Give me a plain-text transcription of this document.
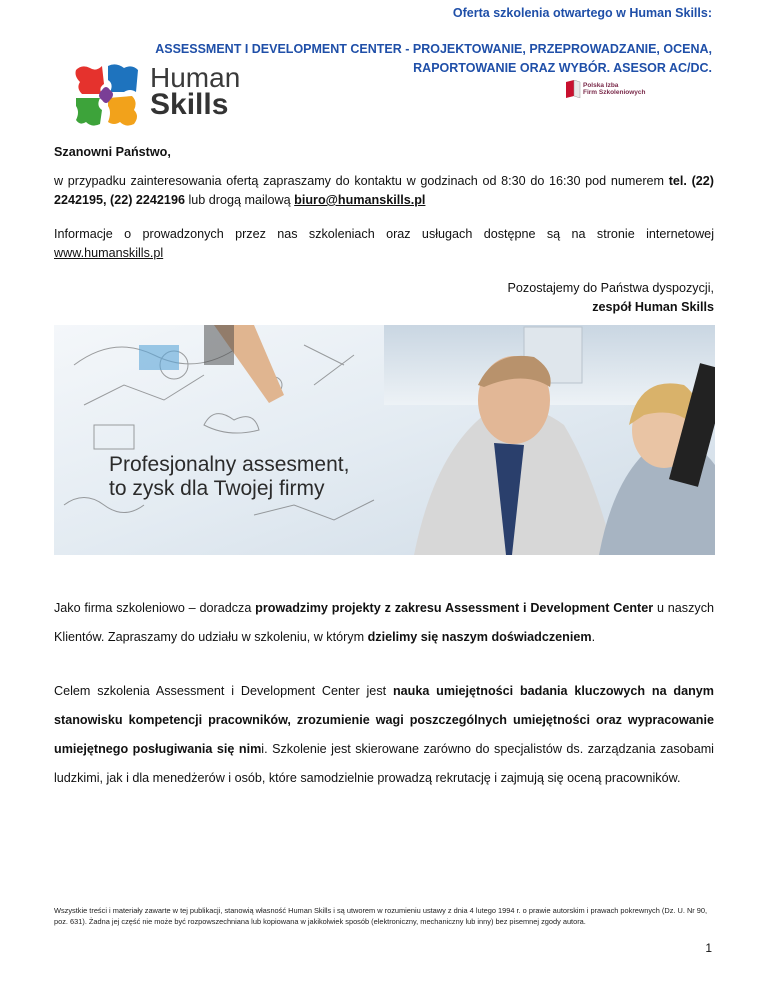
Oferta szkolenia otwartego w Human Skills:
ASSESSMENT I DEVELOPMENT CENTER - PROJEKTOWANIE, PRZEPROWADZANIE, OCENA,
RAPORTOWANIE ORAZ WYBÓR. ASESOR AC/DC.
Human
Skills
Polska Izba
Firm Szkoleniowych

Szanowni Państwo,

w przypadku zainteresowania ofertą zapraszamy do kontaktu w godzinach od 8:30 do 16:30 pod numerem tel. (22) 2242195, (22) 2242196 lub drogą mailową biuro@humanskills.pl

Informacje o prowadzonych przez nas szkoleniach oraz usługach dostępne są na stronie internetowej www.humanskills.pl

Pozostajemy do Państwa dyspozycji,
zespół Human Skills
Profesjonalny assesment,
to zysk dla Twojej firmy

Jako firma szkoleniowo – doradcza prowadzimy projekty z zakresu Assessment i Development Center u naszych Klientów. Zapraszamy do udziału w szkoleniu, w którym dzielimy się naszym doświadczeniem.

Celem szkolenia Assessment i Development Center jest nauka umiejętności badania kluczowych na danym stanowisku kompetencji pracowników, zrozumienie wagi poszczególnych umiejętności oraz wypracowanie umiejętnego posługiwania się nimi. Szkolenie jest skierowane zarówno do specjalistów ds. zarządzania zasobami ludzkimi, jak i dla menedżerów i osób, które samodzielnie prowadzą rekrutację i zajmują się oceną pracowników.

Wszystkie treści i materiały zawarte w tej publikacji, stanowią własność Human Skills i są utworem w rozumieniu ustawy z dnia 4 lutego 1994 r. o prawie autorskim i prawach pokrewnych (Dz. U. Nr 90, poz. 631). Żadna jej część nie może być rozpowszechniana lub kopiowana w jakikolwiek sposób (elektroniczny, mechaniczny lub inny) bez pisemnej zgody autora.

1
